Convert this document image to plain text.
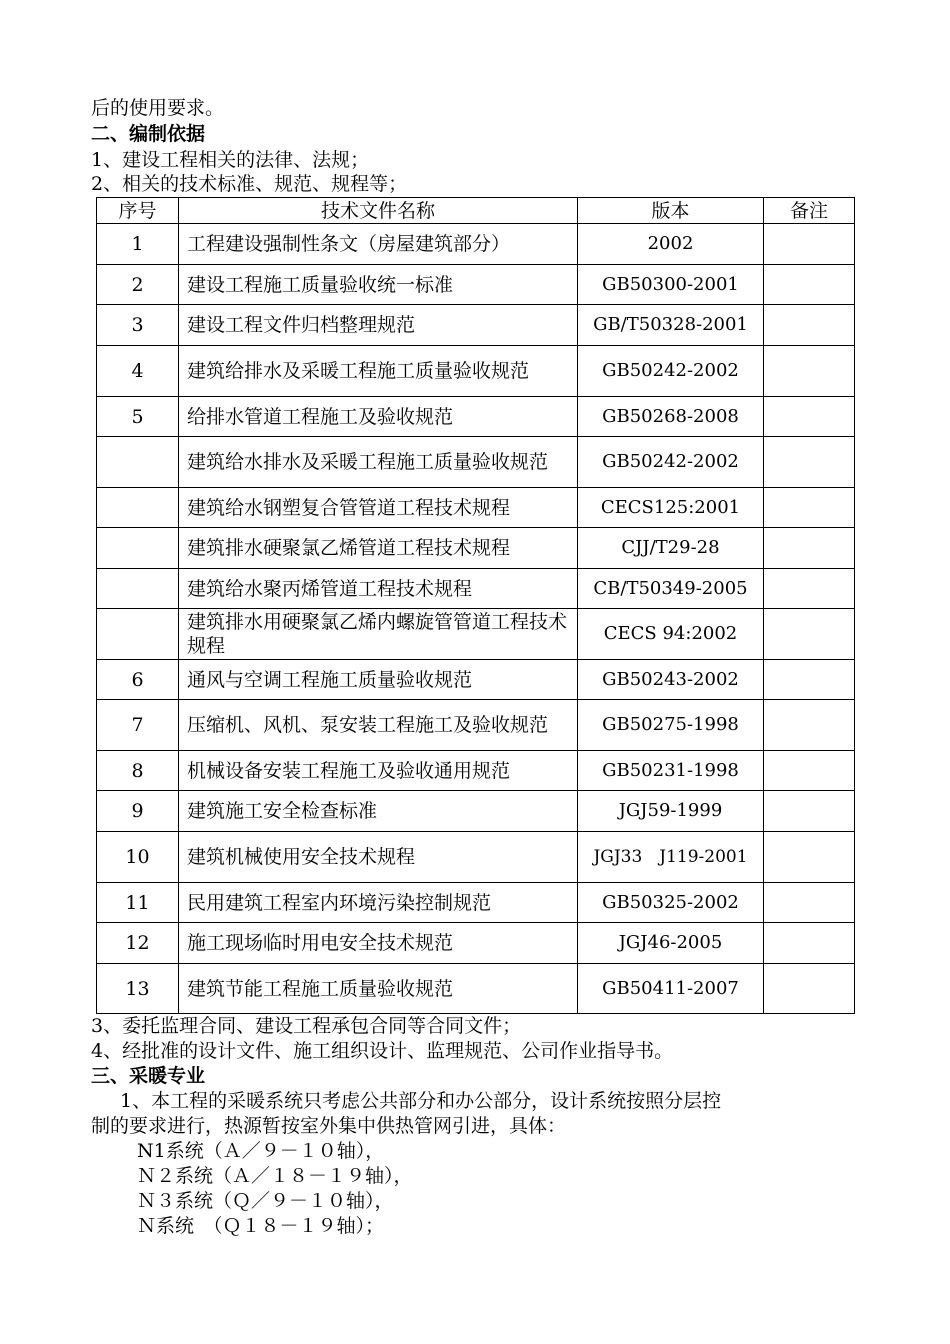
后的使用要求。
二、编制依据
1、建设工程相关的法律、法规；
2、相关的技术标准、规范、规程等；
序号	技术文件名称	版本	备注
1	工程建设强制性条文（房屋建筑部分）	2002	
2	建设工程施工质量验收统一标准	GB50300-2001	
3	建设工程文件归档整理规范	GB/T50328-2001	
4	建筑给排水及采暖工程施工质量验收规范	GB50242-2002	
5	给排水管道工程施工及验收规范	GB50268-2008	
	建筑给水排水及采暖工程施工质量验收规范	GB50242-2002	
	建筑给水钢塑复合管管道工程技术规程	CECS125:2001	
	建筑排水硬聚氯乙烯管道工程技术规程	CJJ/T29-28	
	建筑给水聚丙烯管道工程技术规程	CB/T50349-2005	
	建筑排水用硬聚氯乙烯内螺旋管管道工程技术规程	CECS 94:2002	
6	通风与空调工程施工质量验收规范	GB50243-2002	
7	压缩机、风机、泵安装工程施工及验收规范	GB50275-1998	
8	机械设备安装工程施工及验收通用规范	GB50231-1998	
9	建筑施工安全检查标准	JGJ59-1999	
10	建筑机械使用安全技术规程	JGJ33　J119-2001	
11	民用建筑工程室内环境污染控制规范	GB50325-2002	
12	施工现场临时用电安全技术规范	JGJ46-2005	
13	建筑节能工程施工质量验收规范	GB50411-2007	
3、委托监理合同、建设工程承包合同等合同文件；
4、经批准的设计文件、施工组织设计、监理规范、公司作业指导书。
三、采暖专业
1、本工程的采暖系统只考虑公共部分和办公部分，设计系统按照分层控
制的要求进行，热源暂按室外集中供热管网引进，具体：
N1系统（Ａ／９－１０轴），
Ｎ２系统（Ａ／１８－１９轴），
Ｎ３系统（Ｑ／９－１０轴），
Ｎ系统　（Ｑ１８－１９轴）；
